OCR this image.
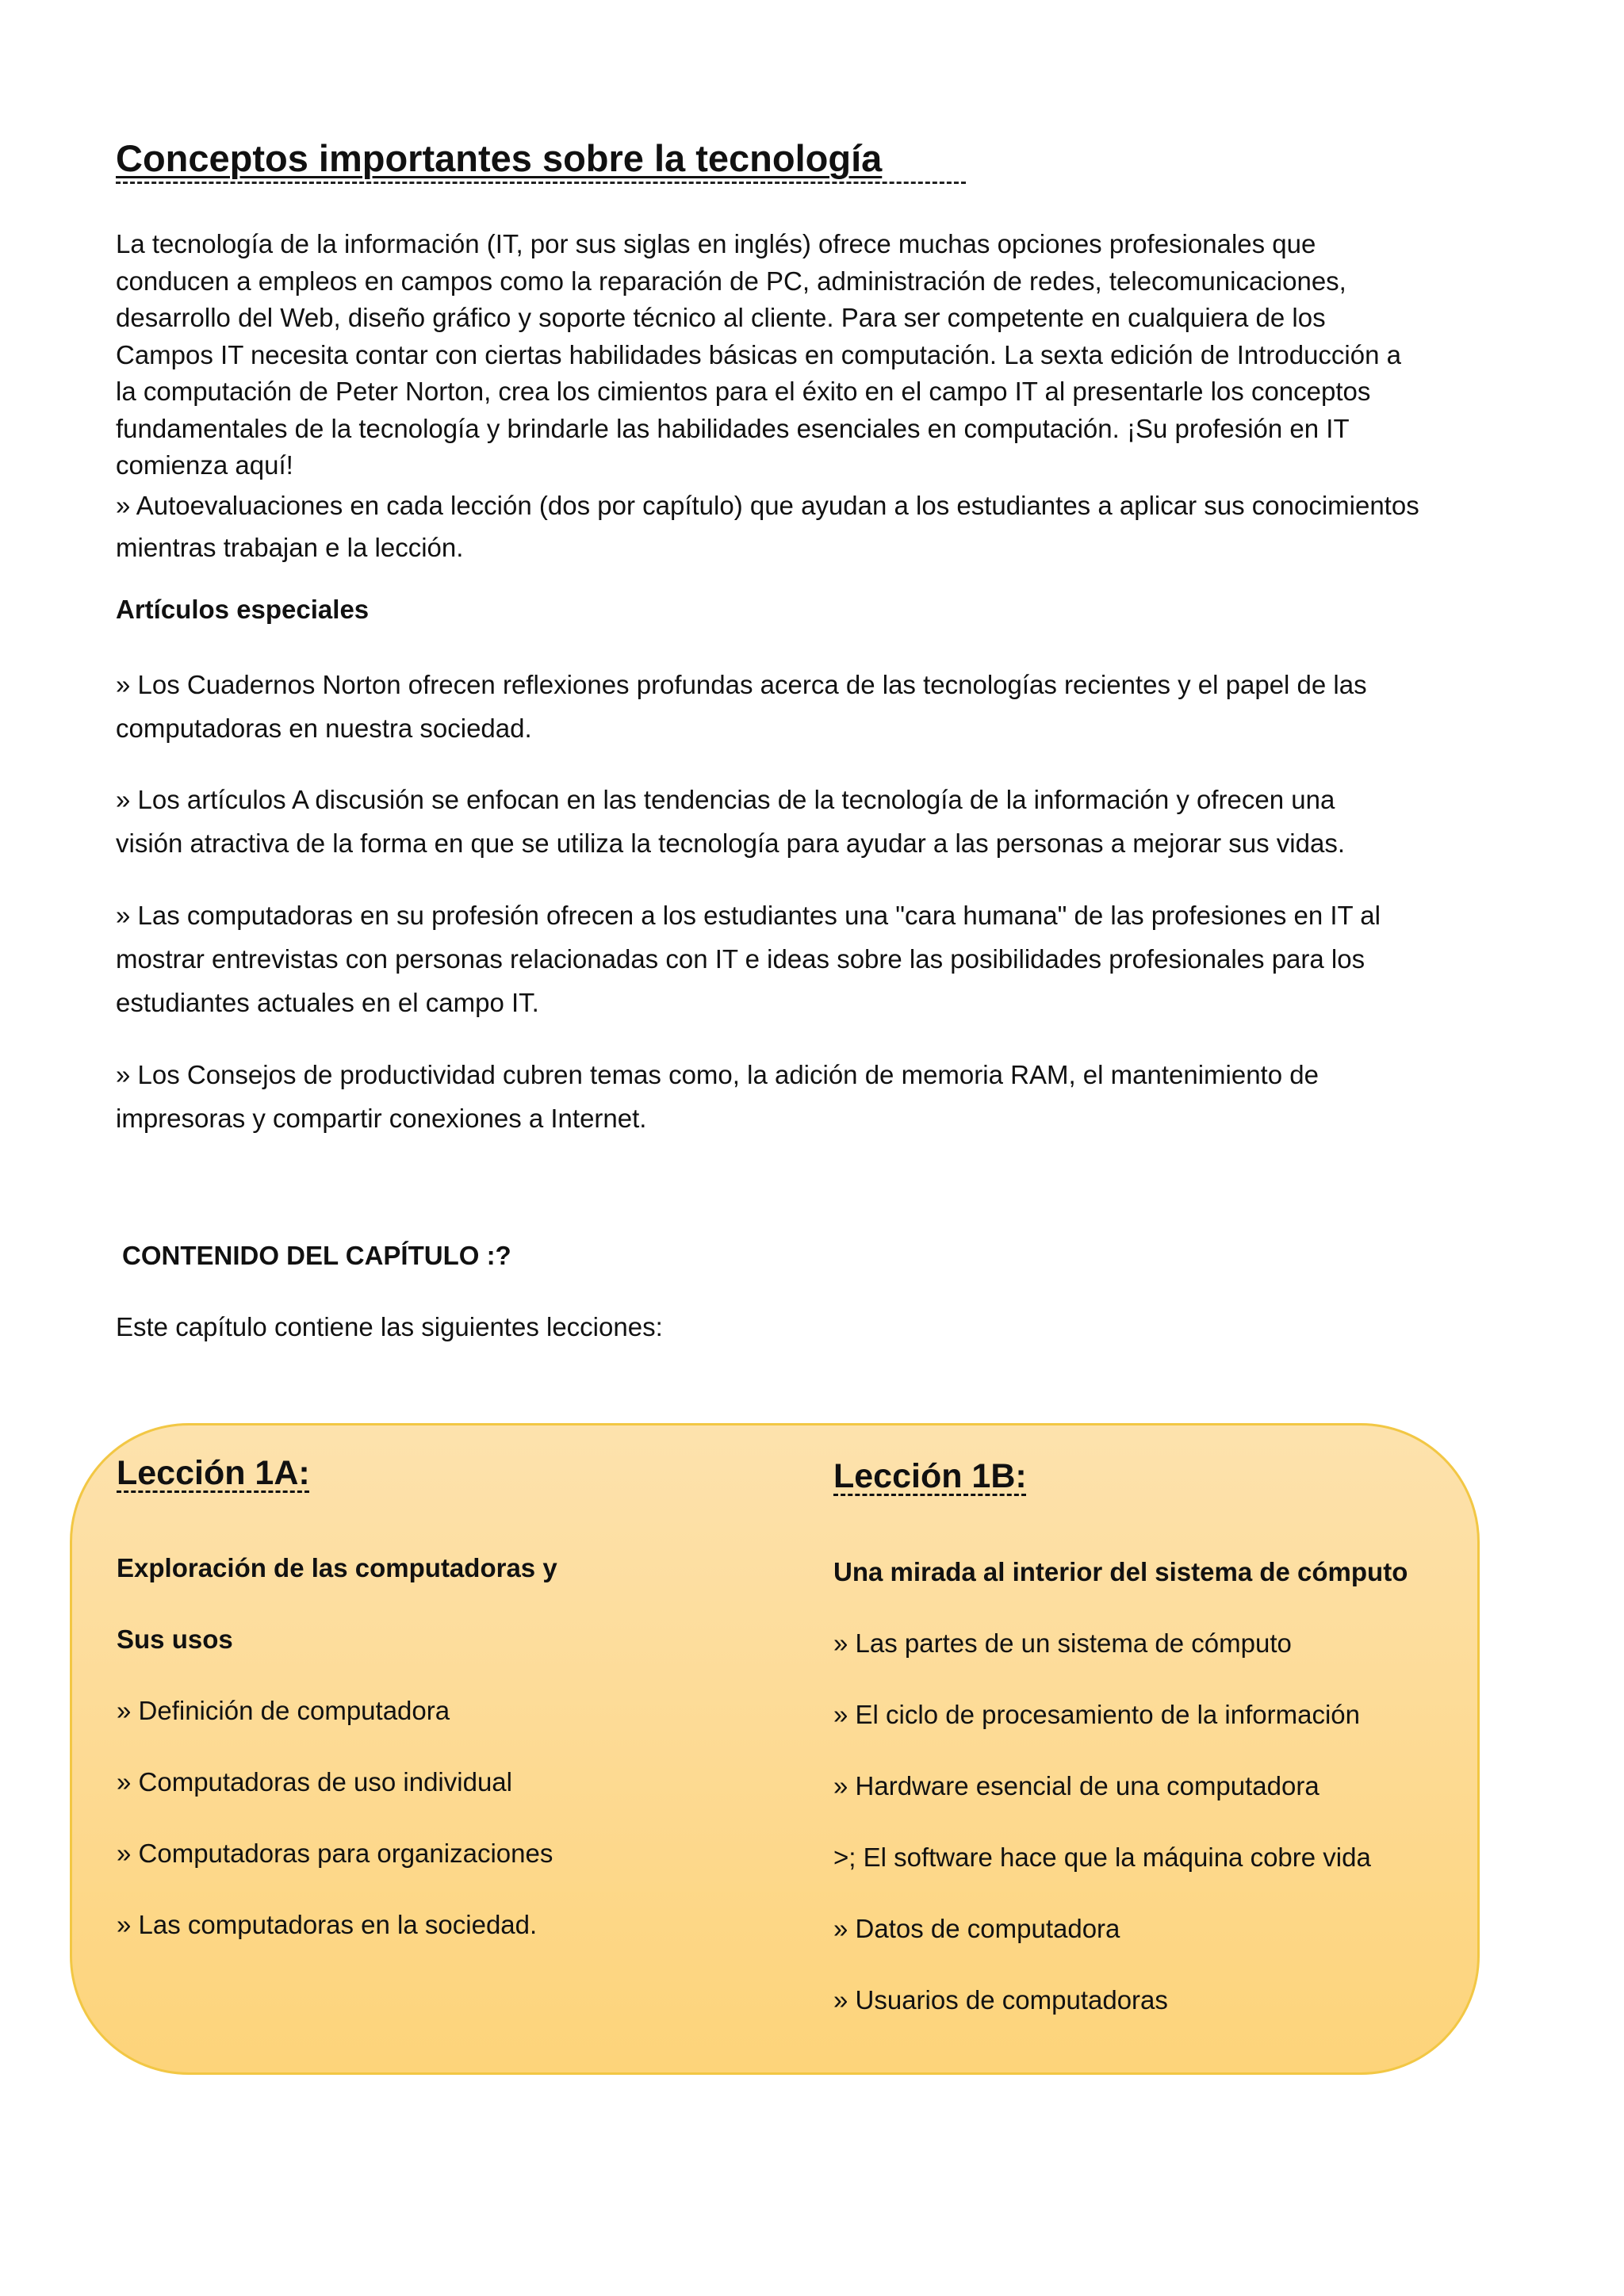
Conceptos importantes sobre la tecnología
La tecnología de la información (IT, por sus siglas en inglés) ofrece muchas opciones profesionales que
conducen a empleos en campos como la reparación de PC, administración de redes, telecomunicaciones,
desarrollo del Web, diseño gráfico y soporte técnico al cliente. Para ser competente en cualquiera de los
Campos IT necesita contar con ciertas habilidades básicas en computación. La sexta edición de Introducción a
la computación de Peter Norton, crea los cimientos para el éxito en el campo IT al presentarle los conceptos
fundamentales de la tecnología y brindarle las habilidades esenciales en computación. ¡Su profesión en IT
comienza aquí!
» Autoevaluaciones en cada lección (dos por capítulo) que ayudan a los estudiantes a aplicar sus conocimientos
mientras trabajan e la lección.
Artículos especiales
» Los Cuadernos Norton ofrecen reflexiones profundas acerca de las tecnologías recientes y el papel de las
computadoras en nuestra sociedad.
» Los artículos A discusión se enfocan en las tendencias de la tecnología de la información y ofrecen una
visión atractiva de la forma en que se utiliza la tecnología para ayudar a las personas a mejorar sus vidas.
» Las computadoras en su profesión ofrecen a los estudiantes una "cara humana" de las profesiones en IT al
mostrar entrevistas con personas relacionadas con IT e ideas sobre las posibilidades profesionales para los
estudiantes actuales en el campo IT.
» Los Consejos de productividad cubren temas como, la adición de memoria RAM, el mantenimiento de
impresoras y compartir conexiones a Internet.
CONTENIDO DEL CAPÍTULO :?
Este capítulo contiene las siguientes lecciones:
Lección 1A:
Exploración de las computadoras y
Sus usos
» Definición de computadora
» Computadoras de uso individual
» Computadoras para organizaciones
» Las computadoras en la sociedad.
Lección 1B:
Una mirada al interior del sistema de cómputo
» Las partes de un sistema de cómputo
» El ciclo de procesamiento de la información
» Hardware esencial de una computadora
>; El software hace que la máquina cobre vida
» Datos de computadora
» Usuarios de computadoras
